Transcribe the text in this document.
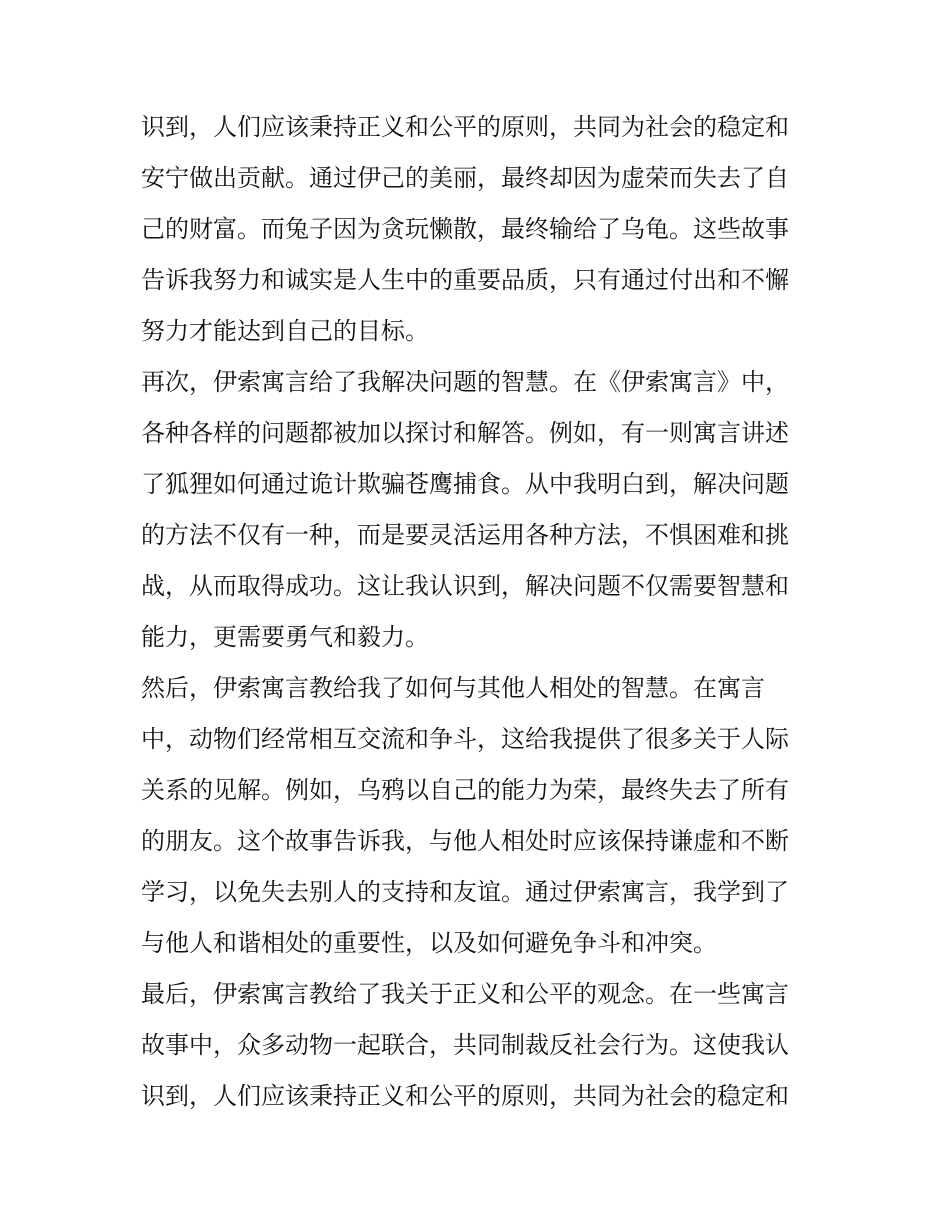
识到，人们应该秉持正义和公平的原则，共同为社会的稳定和
安宁做出贡献。通过伊己的美丽，最终却因为虚荣而失去了自
己的财富。而兔子因为贪玩懒散，最终输给了乌龟。这些故事
告诉我努力和诚实是人生中的重要品质，只有通过付出和不懈
努力才能达到自己的目标。

再次，伊索寓言给了我解决问题的智慧。在《伊索寓言》中，
各种各样的问题都被加以探讨和解答。例如，有一则寓言讲述
了狐狸如何通过诡计欺骗苍鹰捕食。从中我明白到，解决问题
的方法不仅有一种，而是要灵活运用各种方法，不惧困难和挑
战，从而取得成功。这让我认识到，解决问题不仅需要智慧和
能力，更需要勇气和毅力。

然后，伊索寓言教给我了如何与其他人相处的智慧。在寓言
中，动物们经常相互交流和争斗，这给我提供了很多关于人际
关系的见解。例如，乌鸦以自己的能力为荣，最终失去了所有
的朋友。这个故事告诉我，与他人相处时应该保持谦虚和不断
学习，以免失去别人的支持和友谊。通过伊索寓言，我学到了
与他人和谐相处的重要性，以及如何避免争斗和冲突。

最后，伊索寓言教给了我关于正义和公平的观念。在一些寓言
故事中，众多动物一起联合，共同制裁反社会行为。这使我认
识到，人们应该秉持正义和公平的原则，共同为社会的稳定和
